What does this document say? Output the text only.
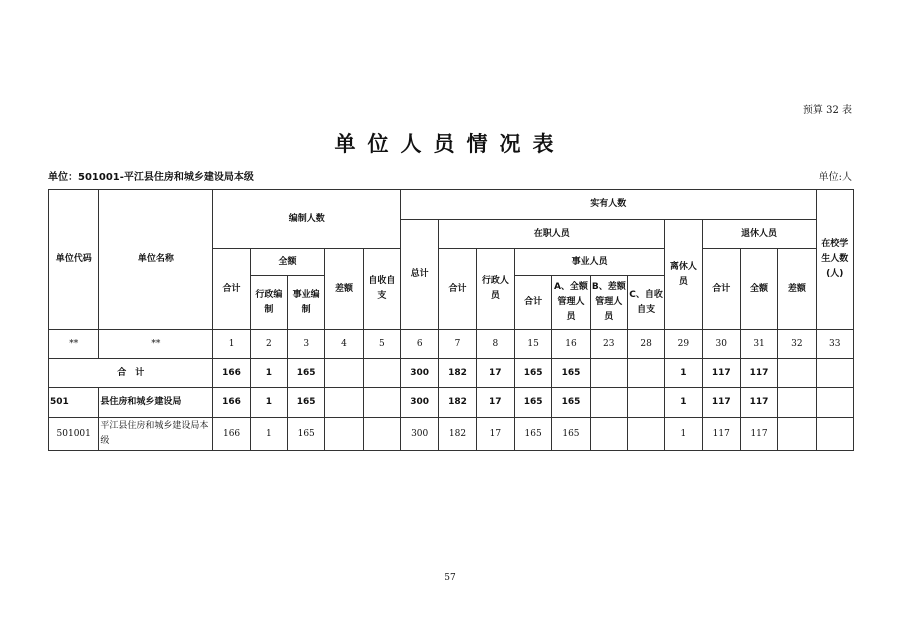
预算 32 表
单位人员情况表
单位：501001-平江县住房和城乡建设局本级	单位:人
单位代码	单位名称	编制人数					实有人数											在校学生人数(人)
							总计	在职人员						离休人员	退休人员			
		合计	全额		差额	自收自支		合计	行政人员	事业人员					合计	全额	差额	
			行政编制	事业编制						合计	A、全额管理人员	B、差额管理人员	C、自收自支					
**	**	1	2	3	4	5	6	7	8	15	16	23	28	29	30	31	32	33
合　计		166	1	165			300	182	17	165	165			1	117	117		
501	县住房和城乡建设局	166	1	165			300	182	17	165	165			1	117	117		
501001	平江县住房和城乡建设局本级	166	1	165			300	182	17	165	165			1	117	117		
57
